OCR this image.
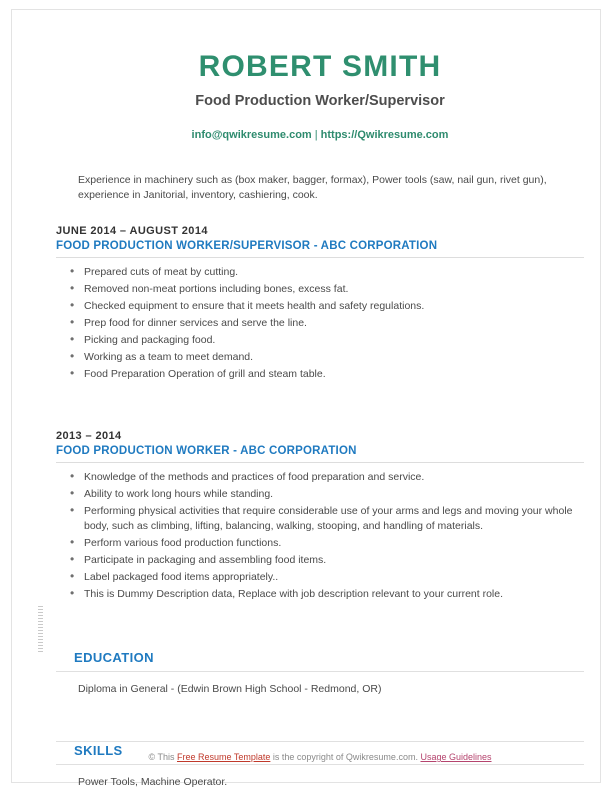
ROBERT SMITH
Food Production Worker/Supervisor
info@qwikresume.com | https://Qwikresume.com
Experience in machinery such as (box maker, bagger, formax), Power tools (saw, nail gun, rivet gun), experience in Janitorial, inventory, cashiering, cook.
JUNE 2014 – AUGUST 2014
FOOD PRODUCTION WORKER/SUPERVISOR - ABC CORPORATION
• Prepared cuts of meat by cutting.
• Removed non-meat portions including bones, excess fat.
• Checked equipment to ensure that it meets health and safety regulations.
• Prep food for dinner services and serve the line.
• Picking and packaging food.
• Working as a team to meet demand.
• Food Preparation Operation of grill and steam table.
2013 – 2014
FOOD PRODUCTION WORKER - ABC CORPORATION
• Knowledge of the methods and practices of food preparation and service.
• Ability to work long hours while standing.
• Performing physical activities that require considerable use of your arms and legs and moving your whole body, such as climbing, lifting, balancing, walking, stooping, and handling of materials.
• Perform various food production functions.
• Participate in packaging and assembling food items.
• Label packaged food items appropriately..
• This is Dummy Description data, Replace with job description relevant to your current role.
EDUCATION
Diploma in General - (Edwin Brown High School - Redmond, OR)
SKILLS
Power Tools, Machine Operator.
© This Free Resume Template is the copyright of Qwikresume.com. Usage Guidelines
